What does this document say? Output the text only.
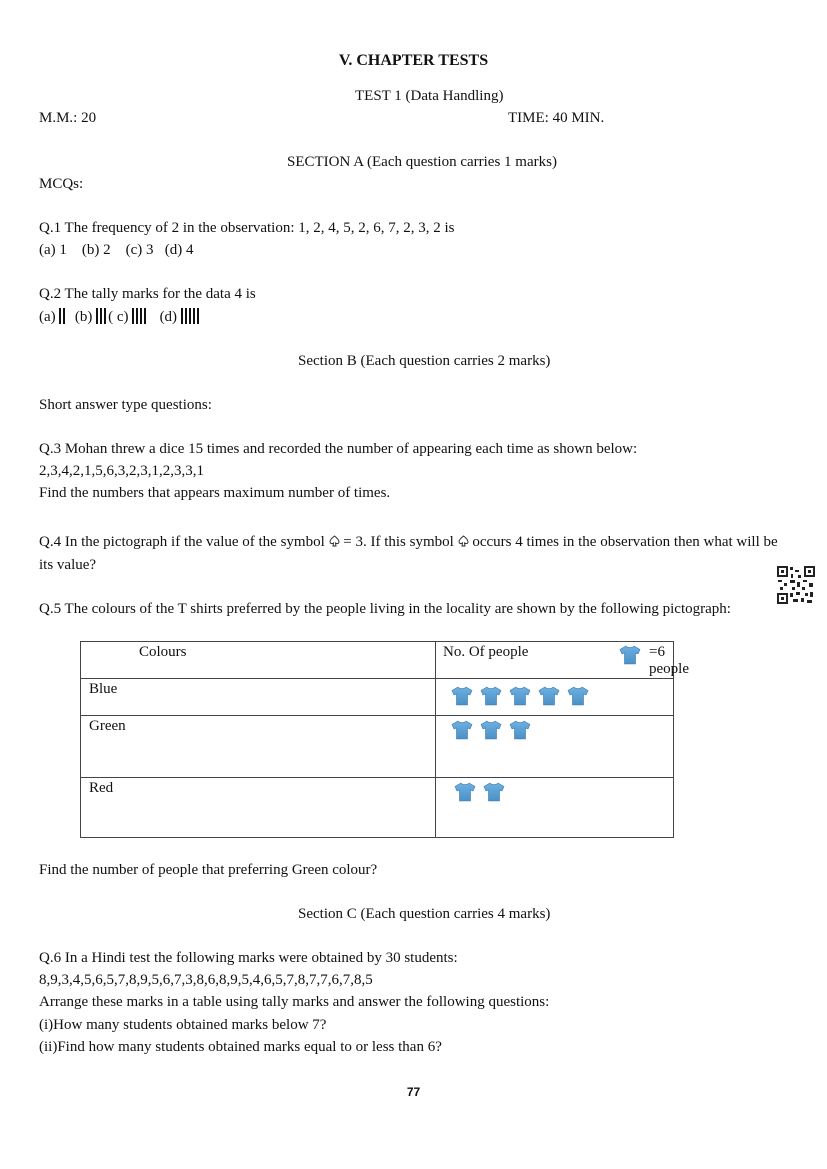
V. CHAPTER TESTS
TEST 1 (Data Handling)
M.M.: 20	TIME: 40 MIN.
SECTION A (Each question carries 1 marks)
MCQs:
Q.1 The frequency of 2 in the observation: 1, 2, 4, 5, 2, 6, 7, 2, 3, 2 is
(a) 1    (b) 2    (c) 3   (d) 4
Q.2 The tally marks for the data 4 is
(a) (b) ( c) (d)
Section B (Each question carries 2 marks)
Short answer type questions:
Q.3 Mohan threw a dice 15 times and recorded the number of appearing each time as shown below:
2,3,4,2,1,5,6,3,2,3,1,2,3,3,1
Find the numbers that appears maximum number of times.
Q.4 In the pictograph if the value of the symbol  = 3. If this symbol  occurs 4 times in the observation then what will be its value?
Q.5 The colours of the T shirts preferred by the people living in the locality are shown by the following pictograph:
Colours	No. Of people =6 people

Blue	

Green	

Red	
Find the number of people that preferring Green colour?
Section C (Each question carries 4 marks)
Q.6 In a Hindi test the following marks were obtained by 30 students:
8,9,3,4,5,6,5,7,8,9,5,6,7,3,8,6,8,9,5,4,6,5,7,8,7,7,6,7,8,5
Arrange these marks in a table using tally marks and answer the following questions:
(i)How many students obtained marks below 7?
(ii)Find how many students obtained marks equal to or less than 6?
77
